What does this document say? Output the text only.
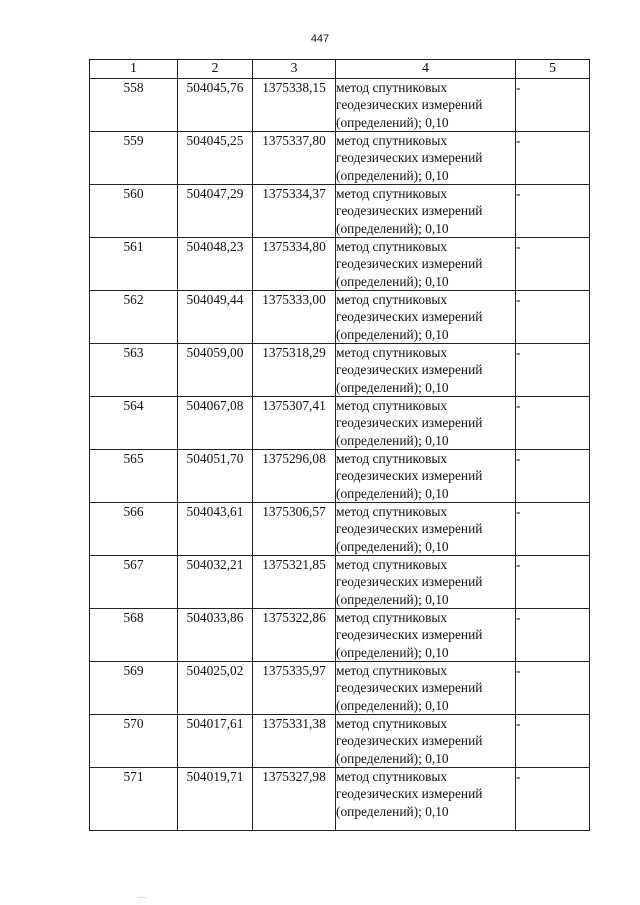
447
1	2	3	4	5
558	504045,76	1375338,15	метод спутниковых
геодезических измерений
(определений); 0,10	-
559	504045,25	1375337,80	метод спутниковых
геодезических измерений
(определений); 0,10	-
560	504047,29	1375334,37	метод спутниковых
геодезических измерений
(определений); 0,10	-
561	504048,23	1375334,80	метод спутниковых
геодезических измерений
(определений); 0,10	-
562	504049,44	1375333,00	метод спутниковых
геодезических измерений
(определений); 0,10	-
563	504059,00	1375318,29	метод спутниковых
геодезических измерений
(определений); 0,10	-
564	504067,08	1375307,41	метод спутниковых
геодезических измерений
(определений); 0,10	-
565	504051,70	1375296,08	метод спутниковых
геодезических измерений
(определений); 0,10	-
566	504043,61	1375306,57	метод спутниковых
геодезических измерений
(определений); 0,10	-
567	504032,21	1375321,85	метод спутниковых
геодезических измерений
(определений); 0,10	-
568	504033,86	1375322,86	метод спутниковых
геодезических измерений
(определений); 0,10	-
569	504025,02	1375335,97	метод спутниковых
геодезических измерений
(определений); 0,10	-
570	504017,61	1375331,38	метод спутниковых
геодезических измерений
(определений); 0,10	-
571	504019,71	1375327,98	метод спутниковых
геодезических измерений
(определений); 0,10	-
—
